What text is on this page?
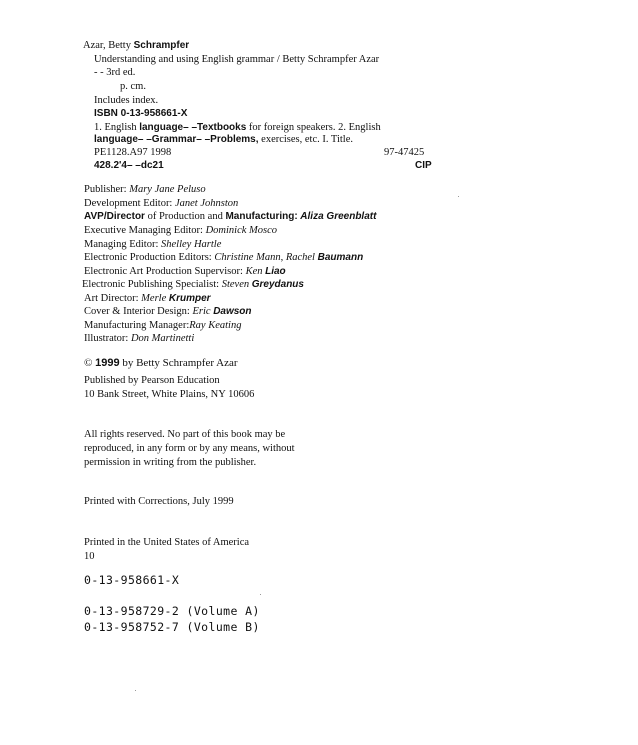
Azar, Betty Schrampfer
Understanding and using English grammar / Betty Schrampfer Azar
- - 3rd ed.
p. cm.
Includes index.
ISBN 0-13-958661-X
1. English language– –Textbooks for foreign speakers. 2. English
language– –Grammar– –Problems, exercises, etc. I. Title.
PE1128.A97 1998	97-47425
428.2'4– –dc21	CIP
Publisher: Mary Jane Peluso
Development Editor: Janet Johnston
AVP/Director of Production and Manufacturing: Aliza Greenblatt
Executive Managing Editor: Dominick Mosco
Managing Editor: Shelley Hartle
Electronic Production Editors: Christine Mann, Rachel Baumann
Electronic Art Production Supervisor: Ken Liao
Electronic Publishing Specialist: Steven Greydanus
Art Director: Merle Krumper
Cover & Interior Design: Eric Dawson
Manufacturing Manager:Ray Keating
Illustrator: Don Martinetti
© 1999 by Betty Schrampfer Azar
Published by Pearson Education
10 Bank Street, White Plains, NY 10606
All rights reserved. No part of this book may be
reproduced, in any form or by any means, without
permission in writing from the publisher.
Printed with Corrections, July 1999
Printed in the United States of America
10
0-13-958661-X
0-13-958729-2 (Volume A)
0-13-958752-7 (Volume B)
